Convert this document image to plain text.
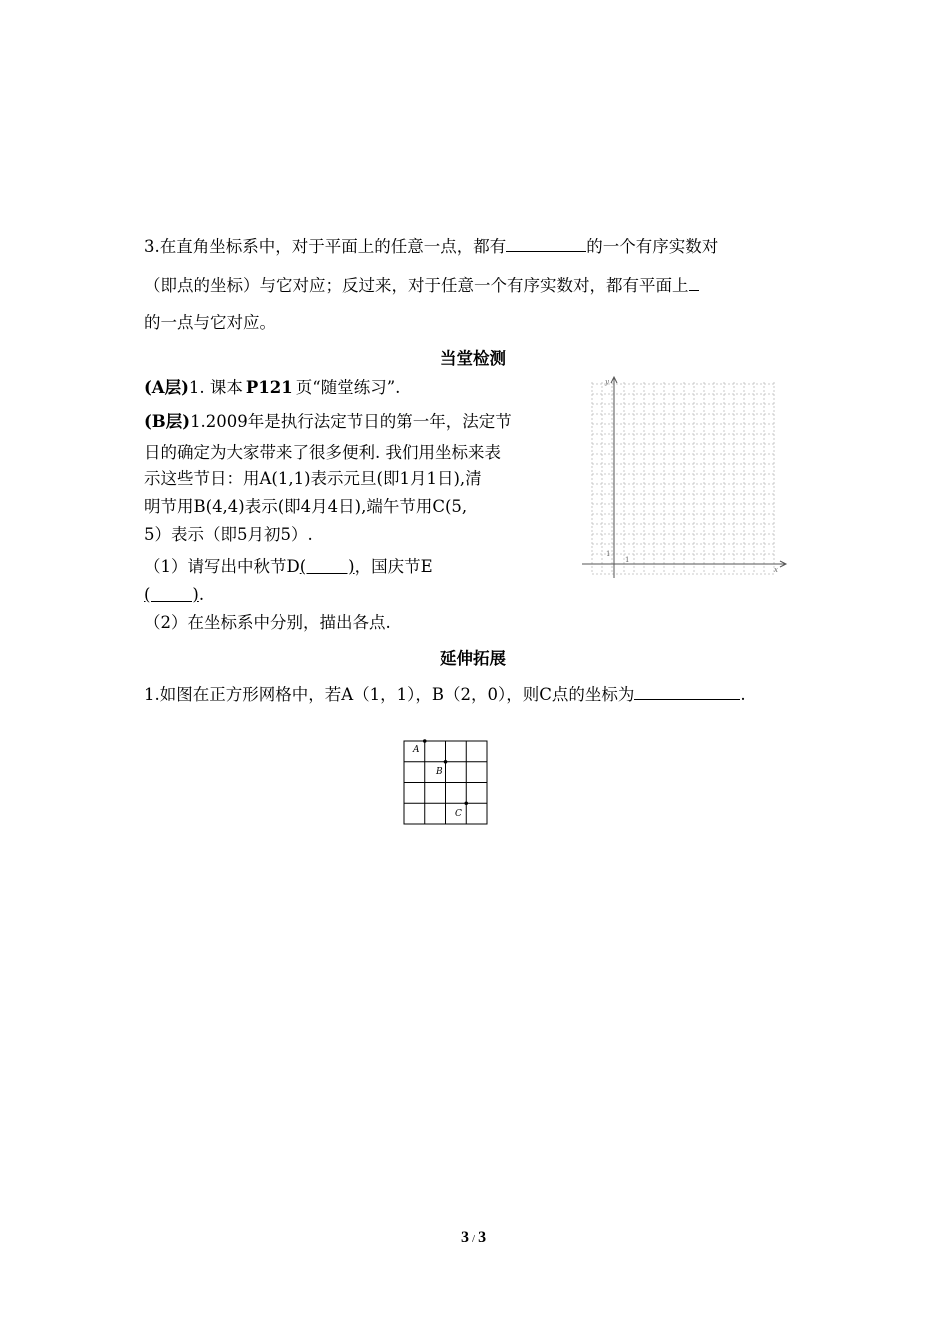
3.在直角坐标系中，对于平面上的任意一点，都有	的一个有序实数对
（即点的坐标）与它对应；反过来，对于任意一个有序实数对，都有平面上
的一点与它对应。
当堂检测
(A层)1. 课本 P121 页“随堂练习”.
(B层)1.2009年是执行法定节日的第一年，法定节
日的确定为大家带来了很多便利. 我们用坐标来表
示这些节日：用A(1,1)表示元旦(即1月1日),清
明节用B(4,4)表示(即4月4日),端午节用C(5,
5）表示（即5月初5）.
（1）请写出中秋节D(        )，国庆节E
(        ).
（2）在坐标系中分别，描出各点.
y
x
1
1
延伸拓展
1.如图在正方形网格中，若A（1，1），B（2，0），则C点的坐标为	.
A
B
C
3 / 3
